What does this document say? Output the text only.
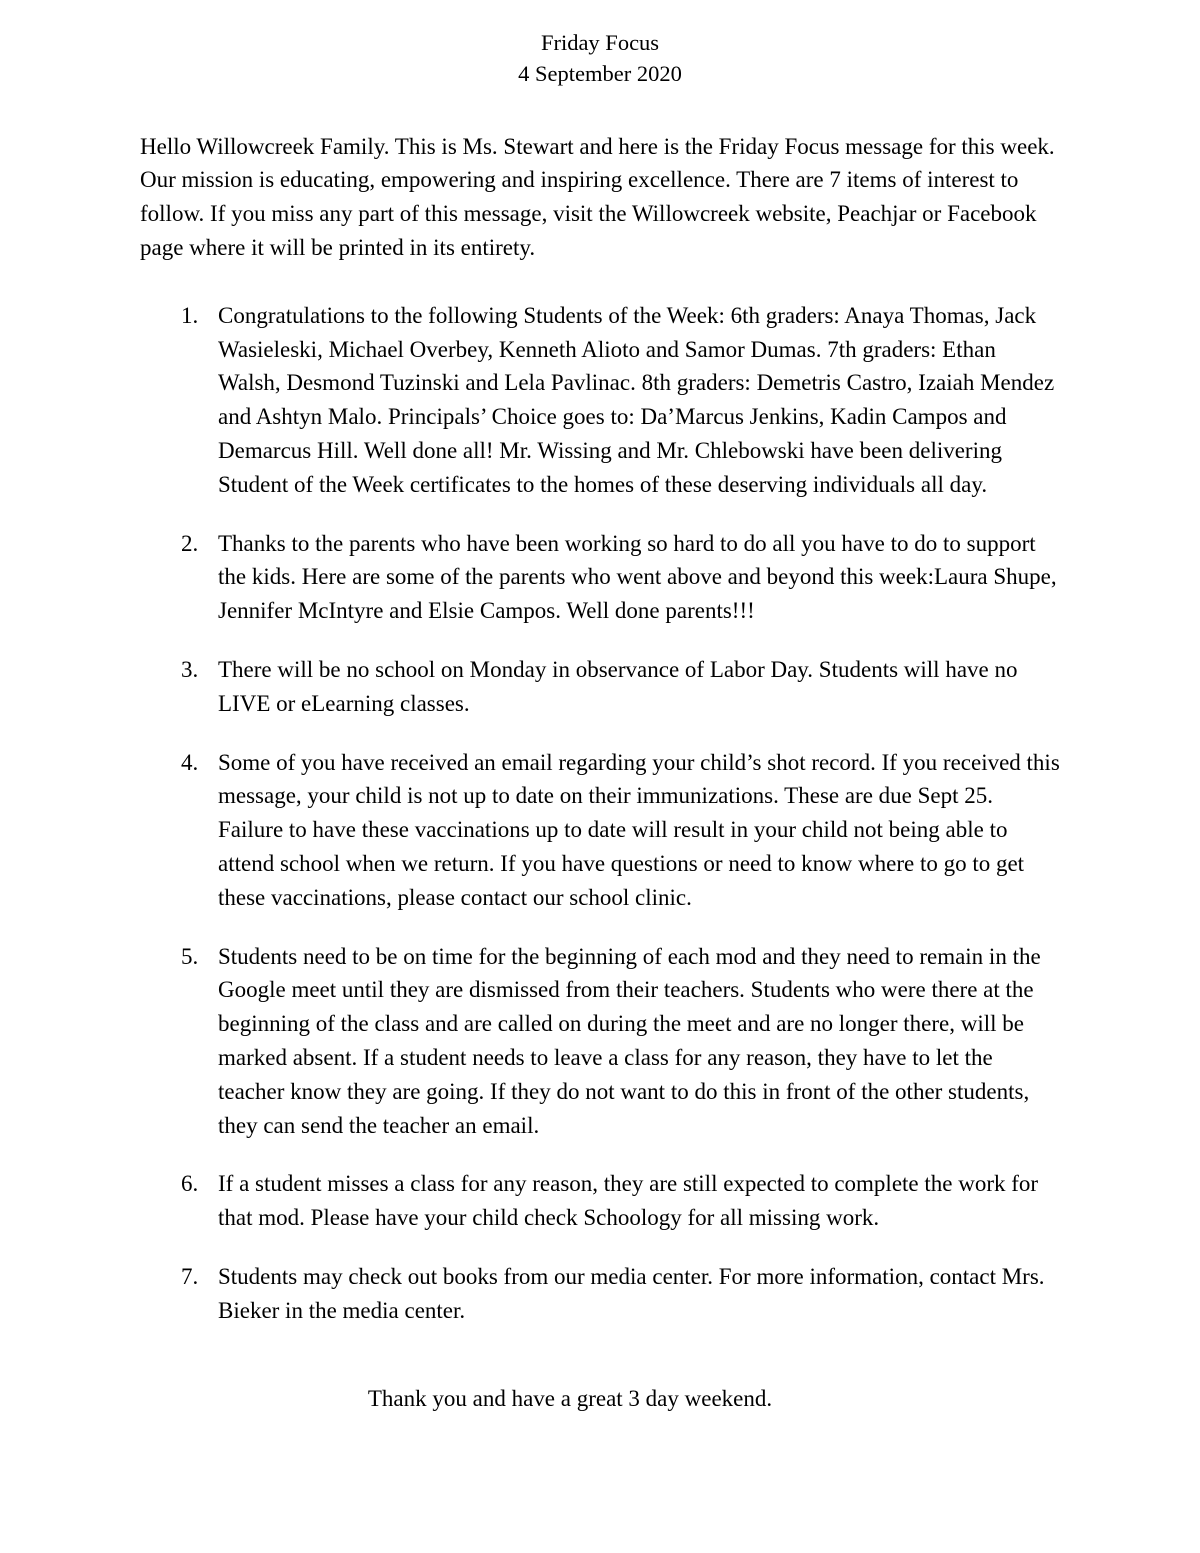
Friday Focus
4 September 2020

Hello Willowcreek Family. This is Ms. Stewart and here is the Friday Focus message for this week. Our mission is educating, empowering and inspiring excellence. There are 7 items of interest to follow. If you miss any part of this message, visit the Willowcreek website, Peachjar or Facebook page where it will be printed in its entirety.

1. Congratulations to the following Students of the Week: 6th graders: Anaya Thomas, Jack Wasieleski, Michael Overbey, Kenneth Alioto and Samor Dumas. 7th graders: Ethan Walsh, Desmond Tuzinski and Lela Pavlinac. 8th graders: Demetris Castro, Izaiah Mendez and Ashtyn Malo. Principals’ Choice goes to: Da’Marcus Jenkins, Kadin Campos and Demarcus Hill. Well done all! Mr. Wissing and Mr. Chlebowski have been delivering Student of the Week certificates to the homes of these deserving individuals all day.
2. Thanks to the parents who have been working so hard to do all you have to do to support the kids. Here are some of the parents who went above and beyond this week:Laura Shupe, Jennifer McIntyre and Elsie Campos. Well done parents!!!
3. There will be no school on Monday in observance of Labor Day. Students will have no LIVE or eLearning classes.
4. Some of you have received an email regarding your child’s shot record. If you received this message, your child is not up to date on their immunizations. These are due Sept 25. Failure to have these vaccinations up to date will result in your child not being able to attend school when we return. If you have questions or need to know where to go to get these vaccinations, please contact our school clinic.
5. Students need to be on time for the beginning of each mod and they need to remain in the Google meet until they are dismissed from their teachers. Students who were there at the beginning of the class and are called on during the meet and are no longer there, will be marked absent. If a student needs to leave a class for any reason, they have to let the teacher know they are going. If they do not want to do this in front of the other students, they can send the teacher an email.
6. If a student misses a class for any reason, they are still expected to complete the work for that mod. Please have your child check Schoology for all missing work.
7. Students may check out books from our media center. For more information, contact Mrs. Bieker in the media center.

Thank you and have a great 3 day weekend.
